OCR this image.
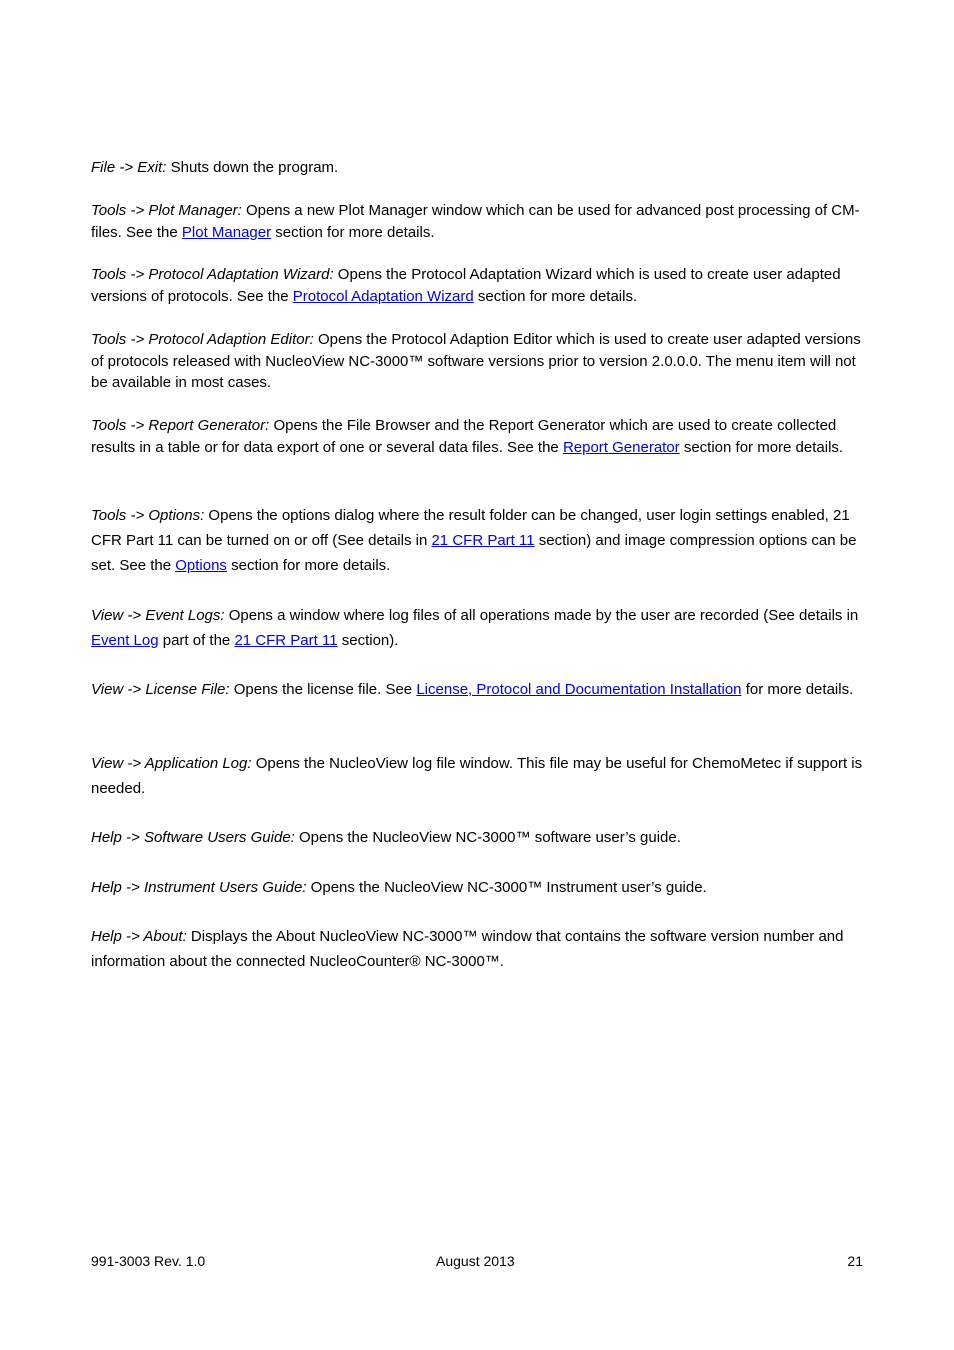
File -> Exit: Shuts down the program.
Tools -> Plot Manager: Opens a new Plot Manager window which can be used for advanced post processing of CM-files. See the Plot Manager section for more details.
Tools -> Protocol Adaptation Wizard: Opens the Protocol Adaptation Wizard which is used to create user adapted versions of protocols. See the Protocol Adaptation Wizard section for more details.
Tools -> Protocol Adaption Editor: Opens the Protocol Adaption Editor which is used to create user adapted versions of protocols released with NucleoView NC-3000™ software versions prior to version 2.0.0.0. The menu item will not be available in most cases.
Tools -> Report Generator: Opens the File Browser and the Report Generator which are used to create collected results in a table or for data export of one or several data files. See the Report Generator section for more details.
Tools -> Options: Opens the options dialog where the result folder can be changed, user login settings enabled, 21 CFR Part 11 can be turned on or off (See details in 21 CFR Part 11 section) and image compression options can be set. See the Options section for more details.
View -> Event Logs: Opens a window where log files of all operations made by the user are recorded (See details in Event Log part of the 21 CFR Part 11 section).
View -> License File: Opens the license file. See License, Protocol and Documentation Installation for more details.
View -> Application Log: Opens the NucleoView log file window. This file may be useful for ChemoMetec if support is needed.
Help -> Software Users Guide: Opens the NucleoView NC-3000™ software user’s guide.
Help -> Instrument Users Guide: Opens the NucleoView NC-3000™ Instrument user’s guide.
Help -> About: Displays the About NucleoView NC-3000™ window that contains the software version number and information about the connected NucleoCounter® NC-3000™.
991-3003 Rev. 1.0	August 2013	21
